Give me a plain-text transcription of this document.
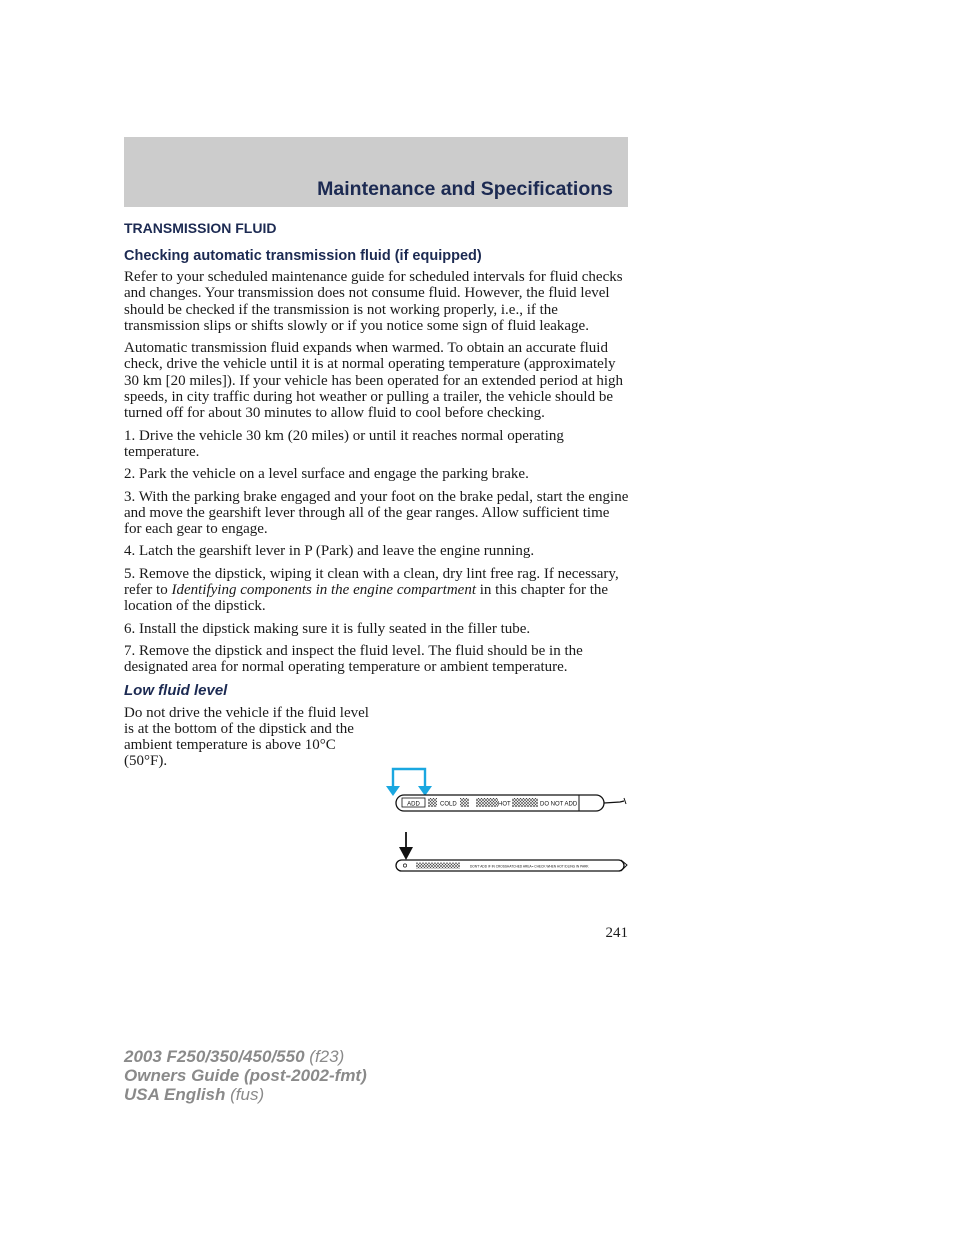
Maintenance and Specifications
TRANSMISSION FLUID
Checking automatic transmission fluid (if equipped)

Refer to your scheduled maintenance guide for scheduled intervals for fluid checks and changes. Your transmission does not consume fluid. However, the fluid level should be checked if the transmission is not working properly, i.e., if the transmission slips or shifts slowly or if you notice some sign of fluid leakage.

Automatic transmission fluid expands when warmed. To obtain an accurate fluid check, drive the vehicle until it is at normal operating temperature (approximately 30 km [20 miles]). If your vehicle has been operated for an extended period at high speeds, in city traffic during hot weather or pulling a trailer, the vehicle should be turned off for about 30 minutes to allow fluid to cool before checking.

1. Drive the vehicle 30 km (20 miles) or until it reaches normal operating temperature.

2. Park the vehicle on a level surface and engage the parking brake.

3. With the parking brake engaged and your foot on the brake pedal, start the engine and move the gearshift lever through all of the gear ranges. Allow sufficient time for each gear to engage.

4. Latch the gearshift lever in P (Park) and leave the engine running.

5. Remove the dipstick, wiping it clean with a clean, dry lint free rag. If necessary, refer to Identifying components in the engine compartment in this chapter for the location of the dipstick.

6. Install the dipstick making sure it is fully seated in the filler tube.

7. Remove the dipstick and inspect the fluid level. The fluid should be in the designated area for normal operating temperature or ambient temperature.

Low fluid level
Do not drive the vehicle if the fluid level is at the bottom of the dipstick and the ambient temperature is above 10°C (50°F).
ADD	COLD	HOT	DO NOT ADD
DON'T ADD IF IN CROSSHATCHED AREA • CHECK WHEN HOT IDLING IN PARK
241
2003 F250/350/450/550 (f23)
Owners Guide (post-2002-fmt)
USA English (fus)
